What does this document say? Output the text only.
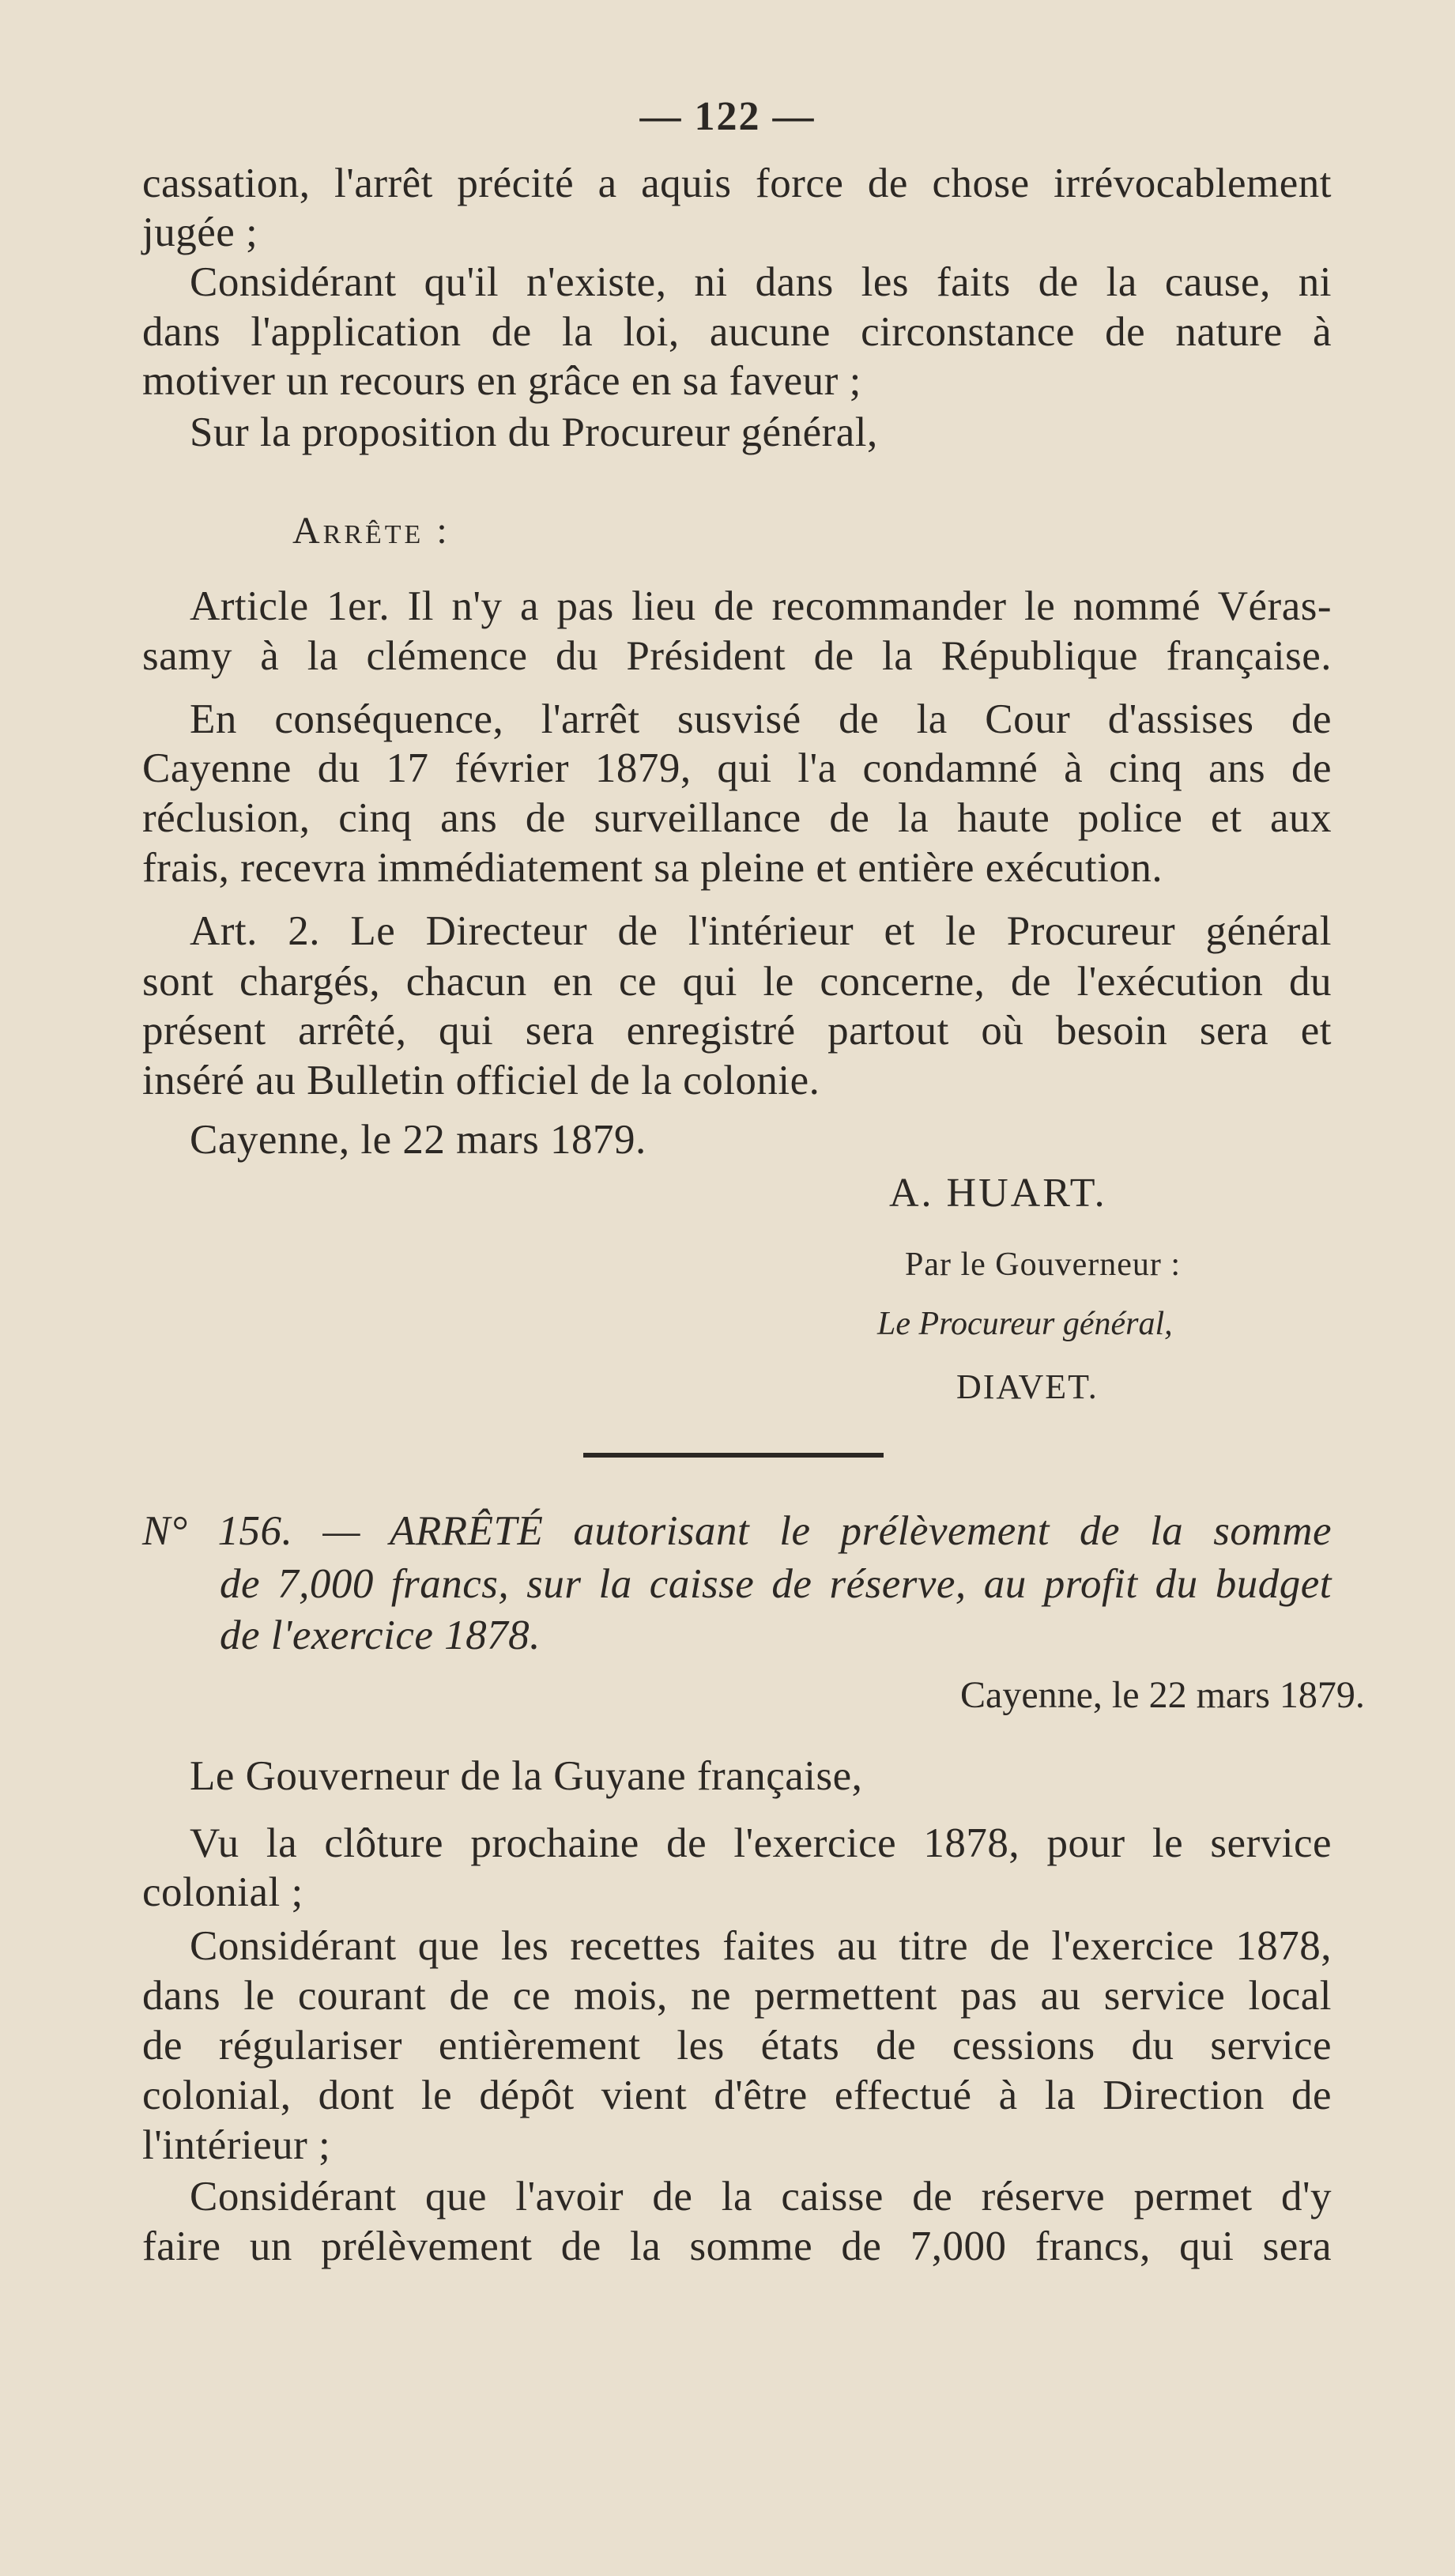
— 122 —
cassation, l'arrêt précité a aquis force de chose irrévocablement
jugée ;
Considérant qu'il n'existe, ni dans les faits de la cause, ni
dans l'application de la loi, aucune circonstance de nature à
motiver un recours en grâce en sa faveur ;
Sur la proposition du Procureur général,
Arrête :
Article 1er. Il n'y a pas lieu de recommander le nommé Véras-
samy à la clémence du Président de la République française.
En conséquence, l'arrêt susvisé de la Cour d'assises de
Cayenne du 17 février 1879, qui l'a condamné à cinq ans de
réclusion, cinq ans de surveillance de la haute police et aux
frais, recevra immédiatement sa pleine et entière exécution.
Art. 2. Le Directeur de l'intérieur et le Procureur général
sont chargés, chacun en ce qui le concerne, de l'exécution du
présent arrêté, qui sera enregistré partout où besoin sera et
inséré au Bulletin officiel de la colonie.
Cayenne, le 22 mars 1879.
A. HUART.
Par le Gouverneur :
Le Procureur général,
DIAVET.
N° 156. — ARRÊTÉ autorisant le prélèvement de la somme
de 7,000 francs, sur la caisse de réserve, au profit du budget
de l'exercice 1878.
Cayenne, le 22 mars 1879.
Le Gouverneur de la Guyane française,
Vu la clôture prochaine de l'exercice 1878, pour le service
colonial ;
Considérant que les recettes faites au titre de l'exercice 1878,
dans le courant de ce mois, ne permettent pas au service local
de régulariser entièrement les états de cessions du service
colonial, dont le dépôt vient d'être effectué à la Direction de
l'intérieur ;
Considérant que l'avoir de la caisse de réserve permet d'y
faire un prélèvement de la somme de 7,000 francs, qui sera
